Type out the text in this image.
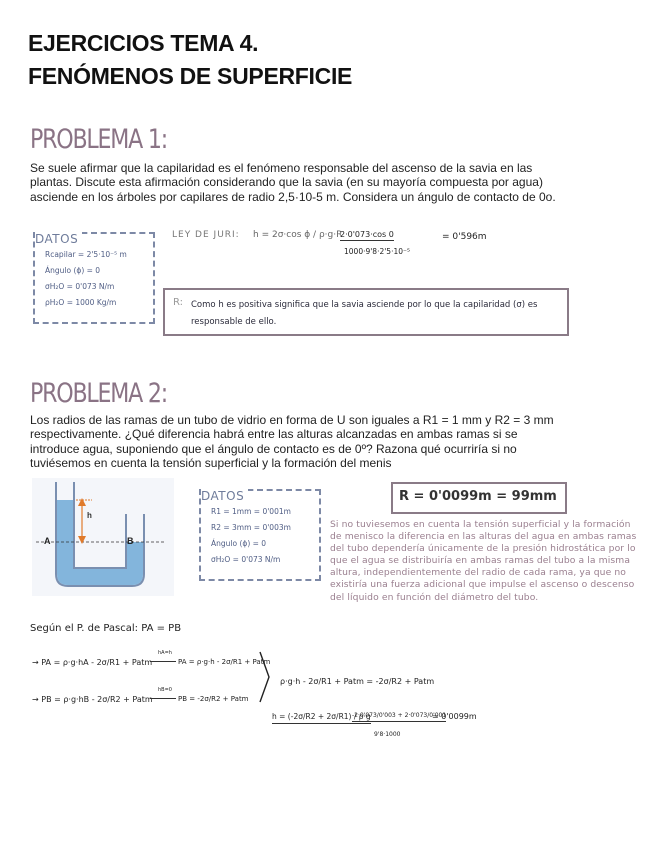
EJERCICIOS TEMA 4.
FENÓMENOS DE SUPERFICIE
PROBLEMA 1:
Se suele afirmar que la capilaridad es el fenómeno responsable del ascenso de la savia en las plantas. Discute esta afirmación considerando que la savia (en su mayoría compuesta por agua) asciende en los árboles por capilares de radio 2,5·10-5 m. Considera un ángulo de contacto de 0o.
DATOS
Rcapilar = 2'5·10⁻⁵ m
Ángulo (ϕ) = 0
σH₂O = 0'073 N/m
ρH₂O = 1000 Kg/m
LEY DE JURI: h = 2σ·cos ϕ / ρ·g·R
2·0'073·cos 0
1000·9'8·2'5·10⁻⁵
= 0'596m
R: Como h es positiva significa que la savia asciende por lo que la capilaridad (σ) es responsable de ello.
PROBLEMA 2:
Los radios de las ramas de un tubo de vidrio en forma de U son iguales a R1 = 1 mm y R2 = 3 mm respectivamente. ¿Qué diferencia habrá entre las alturas alcanzadas en ambas ramas si se introduce agua, suponiendo que el ángulo de contacto es de 0º? Razona qué ocurriría si no tuviésemos en cuenta la tensión superficial y la formación del menis
A	B
h
DATOS
R1 = 1mm = 0'001m
R2 = 3mm = 0'003m
Ángulo (ϕ) = 0
σH₂O = 0'073 N/m
R = 0'0099m = 99mm
Si no tuviesemos en cuenta la tensión superficial y la formación de menisco la diferencia en las alturas del agua en ambas ramas del tubo dependería únicamente de la presión hidrostática por lo que el agua se distribuiría en ambas ramas del tubo a la misma altura, independientemente del radio de cada rama, ya que no existiría una fuerza adicional que impulse el ascenso o descenso del líquido en función del diámetro del tubo.
Según el P. de Pascal: PA = PB
→ PA = ρ·g·hA - 2σ/R1 + Patm
hA=h
PA = ρ·g·h - 2σ/R1 + Patm
→ PB = ρ·g·hB - 2σ/R2 + Patm
hB=0
PB = -2σ/R2 + Patm
ρ·g·h - 2σ/R1 + Patm = -2σ/R2 + Patm
h = (-2σ/R2 + 2σ/R1) / ρ·g
-2·0'073/0'003 + 2·0'073/0'001
9'8·1000
= 0'0099m
